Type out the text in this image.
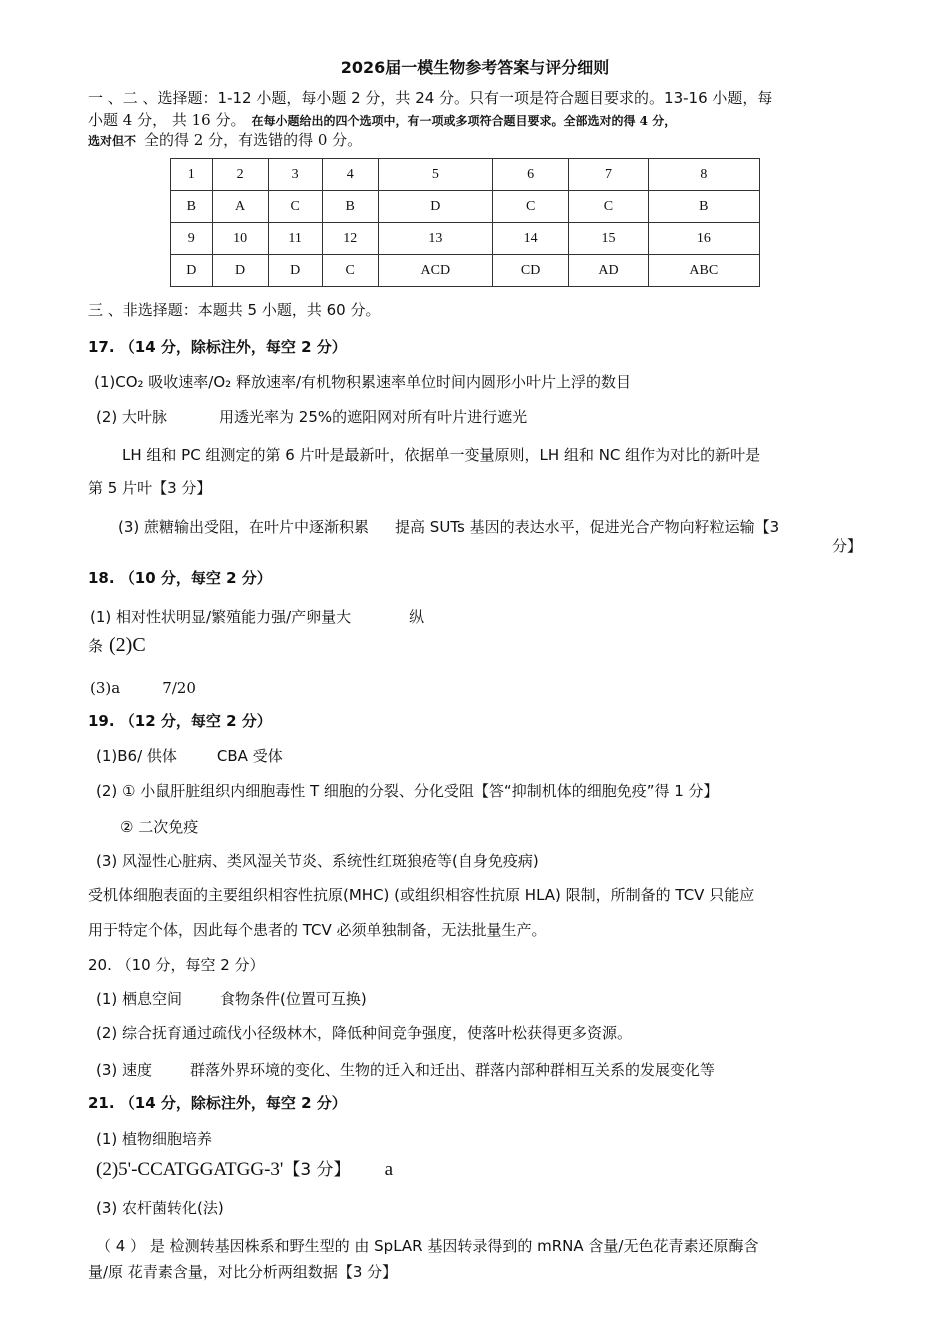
2026届一模生物参考答案与评分细则
一 、二 、选择题：1-12 小题，每小题 2 分，共 24 分。只有一项是符合题目要求的。13-16 小题，每
小题 4 分， 共 16 分。 在每小题给出的四个选项中，有一项或多项符合题目要求。全部选对的得 4 分，
选对但不 全的得 2 分，有选错的得 0 分。
1	2	3	4	5	6	7	8
B	A	C	B	D	C	C	B
9	10	11	12	13	14	15	16
D	D	D	C	ACD	CD	AD	ABC
三 、非选择题：本题共 5 小题，共 60 分。
17. （14 分，除标注外，每空 2 分）
(1)CO₂ 吸收速率/O₂ 释放速率/有机物积累速率单位时间内圆形小叶片上浮的数目
(2) 大叶脉	用透光率为 25%的遮阳网对所有叶片进行遮光
LH 组和 PC 组测定的第 6 片叶是最新叶，依据单一变量原则，LH 组和 NC 组作为对比的新叶是
第 5 片叶【3 分】
(3) 蔗糖输出受阻，在叶片中逐渐积累 提高 SUTs 基因的表达水平，促进光合产物向籽粒运输【3
分】
18. （10 分，每空 2 分）
(1) 相对性状明显/繁殖能力强/产卵量大	纵
条 (2)C
(3)a	7/20
19. （12 分，每空 2 分）
(1)B6/ 供体	CBA 受体
(2) ① 小鼠肝脏组织内细胞毒性 T 细胞的分裂、分化受阻【答“抑制机体的细胞免疫”得 1 分】
② 二次免疫
(3) 风湿性心脏病、类风湿关节炎、系统性红斑狼疮等(自身免疫病)
受机体细胞表面的主要组织相容性抗原(MHC) (或组织相容性抗原 HLA) 限制，所制备的 TCV 只能应
用于特定个体，因此每个患者的 TCV 必须单独制备，无法批量生产。
20. （10 分，每空 2 分）
(1) 栖息空间	食物条件(位置可互换)
(2) 综合抚育通过疏伐小径级林木，降低种间竞争强度，使落叶松获得更多资源。
(3) 速度	群落外界环境的变化、生物的迁入和迁出、群落内部种群相互关系的发展变化等
21. （14 分，除标注外，每空 2 分）
(1) 植物细胞培养
(2)5'-CCATGGATGG-3'【3 分】 a
(3) 农杆菌转化(法)
（ 4 ） 是 检测转基因株系和野生型的 由 SpLAR 基因转录得到的 mRNA 含量/无色花青素还原酶含
量/原 花青素含量，对比分析两组数据【3 分】
